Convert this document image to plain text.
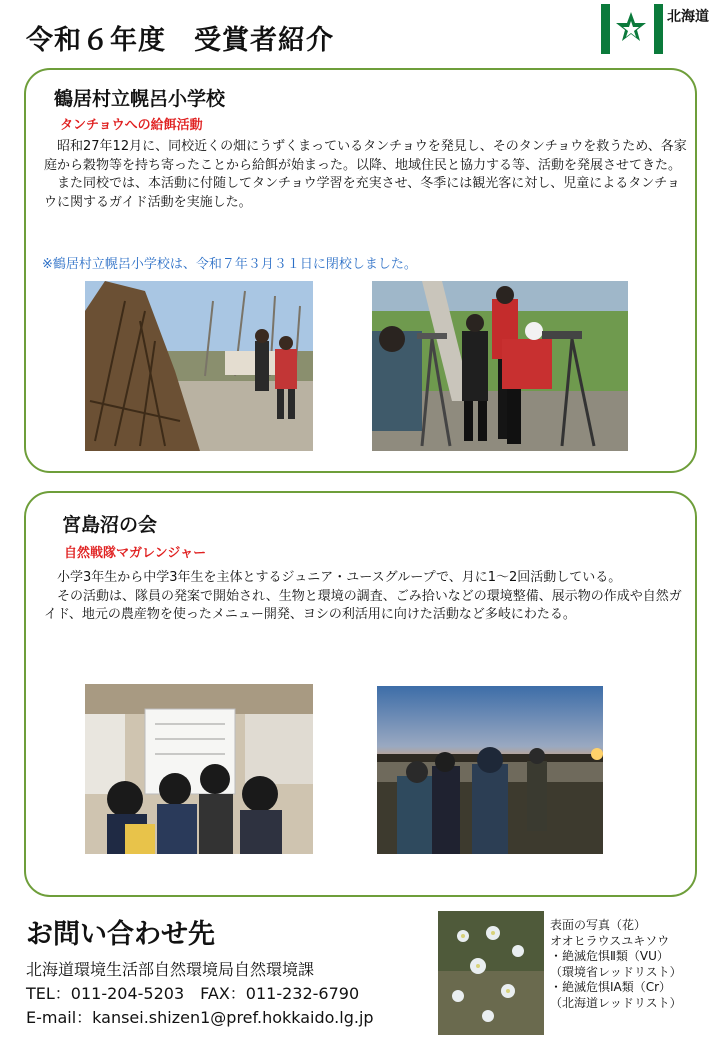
令和６年度　受賞者紹介
北海道
鶴居村立幌呂小学校
タンチョウへの給餌活動

昭和27年12月に、同校近くの畑にうずくまっているタンチョウを発見し、そのタンチョウを救うため、各家庭から穀物等を持ち寄ったことから給餌が始まった。以降、地域住民と協力する等、活動を発展させてきた。

また同校では、本活動に付随してタンチョウ学習を充実させ、冬季には観光客に対し、児童によるタンチョウに関するガイド活動を実施した。

※鶴居村立幌呂小学校は、令和７年３月３１日に閉校しました。
宮島沼の会
自然戦隊マガレンジャー

小学3年生から中学3年生を主体とするジュニア・ユースグループで、月に1～2回活動している。

その活動は、隊員の発案で開始され、生物と環境の調査、ごみ拾いなどの環境整備、展示物の作成や自然ガイド、地元の農産物を使ったメニュー開発、ヨシの利活用に向けた活動など多岐にわたる。

お問い合わせ先
北海道環境生活部自然環境局自然環境課
TEL：011-204-5203　FAX：011-232-6790
E-mail：kansei.shizen1@pref.hokkaido.lg.jp
表面の写真（花）
オオヒラウスユキソウ
・絶滅危惧Ⅱ類（VU）
（環境省レッドリスト）
・絶滅危惧ⅠA類（Cr）
（北海道レッドリスト）
